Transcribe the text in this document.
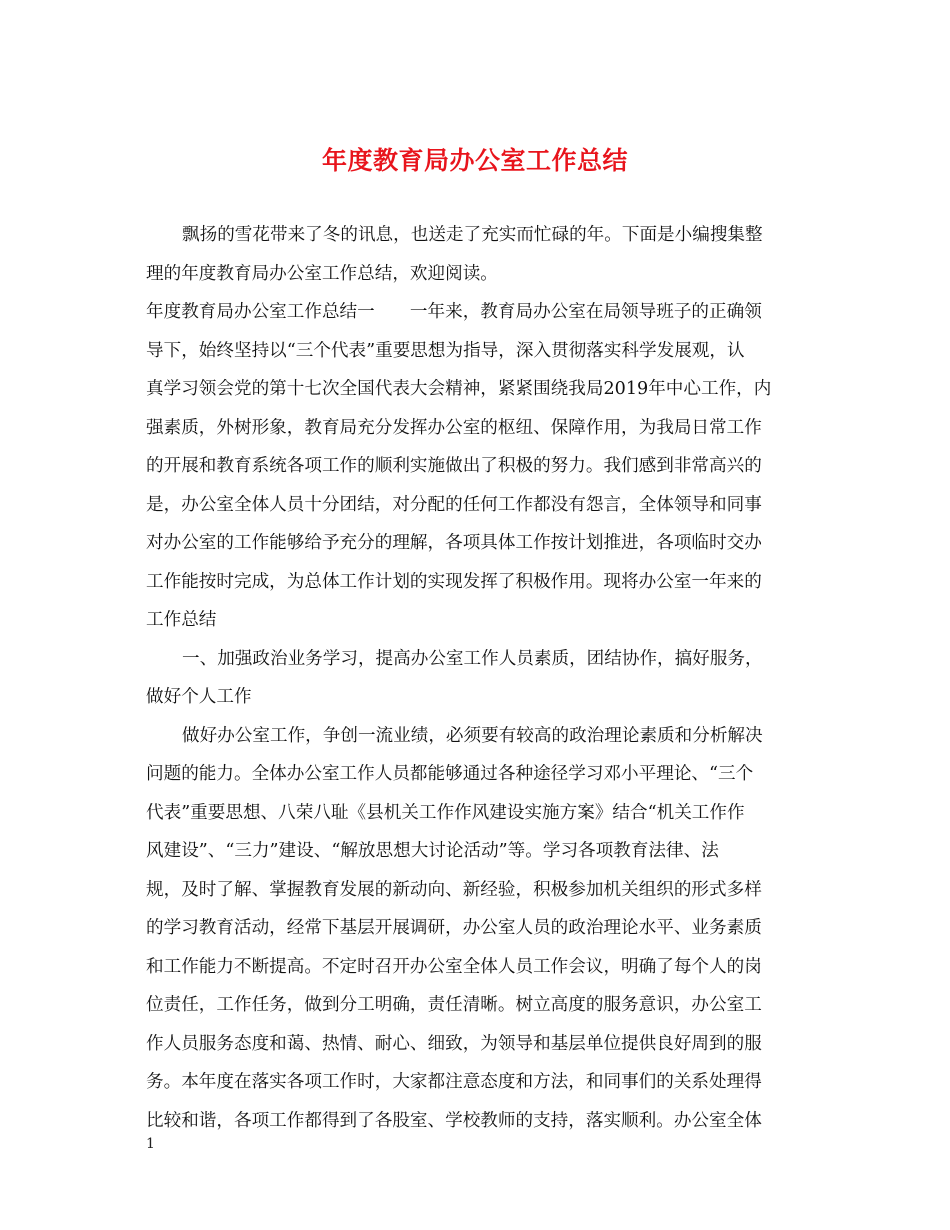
年度教育局办公室工作总结
飘扬的雪花带来了冬的讯息，也送走了充实而忙碌的年。下面是小编搜集整
理的年度教育局办公室工作总结，欢迎阅读。
年度教育局办公室工作总结一　　一年来，教育局办公室在局领导班子的正确领
导下，始终坚持以“三个代表”重要思想为指导，深入贯彻落实科学发展观，认
真学习领会党的第十七次全国代表大会精神，紧紧围绕我局2019年中心工作，内
强素质，外树形象，教育局充分发挥办公室的枢纽、保障作用，为我局日常工作
的开展和教育系统各项工作的顺利实施做出了积极的努力。我们感到非常高兴的
是，办公室全体人员十分团结，对分配的任何工作都没有怨言，全体领导和同事
对办公室的工作能够给予充分的理解，各项具体工作按计划推进，各项临时交办
工作能按时完成，为总体工作计划的实现发挥了积极作用。现将办公室一年来的
工作总结
一、加强政治业务学习，提高办公室工作人员素质，团结协作，搞好服务，
做好个人工作
做好办公室工作，争创一流业绩，必须要有较高的政治理论素质和分析解决
问题的能力。全体办公室工作人员都能够通过各种途径学习邓小平理论、“三个
代表”重要思想、八荣八耻《县机关工作作风建设实施方案》结合“机关工作作
风建设”、“三力”建设、“解放思想大讨论活动”等。学习各项教育法律、法
规，及时了解、掌握教育发展的新动向、新经验，积极参加机关组织的形式多样
的学习教育活动，经常下基层开展调研，办公室人员的政治理论水平、业务素质
和工作能力不断提高。不定时召开办公室全体人员工作会议，明确了每个人的岗
位责任，工作任务，做到分工明确，责任清晰。树立高度的服务意识，办公室工
作人员服务态度和蔼、热情、耐心、细致，为领导和基层单位提供良好周到的服
务。本年度在落实各项工作时，大家都注意态度和方法，和同事们的关系处理得
比较和谐，各项工作都得到了各股室、学校教师的支持，落实顺利。办公室全体
1
